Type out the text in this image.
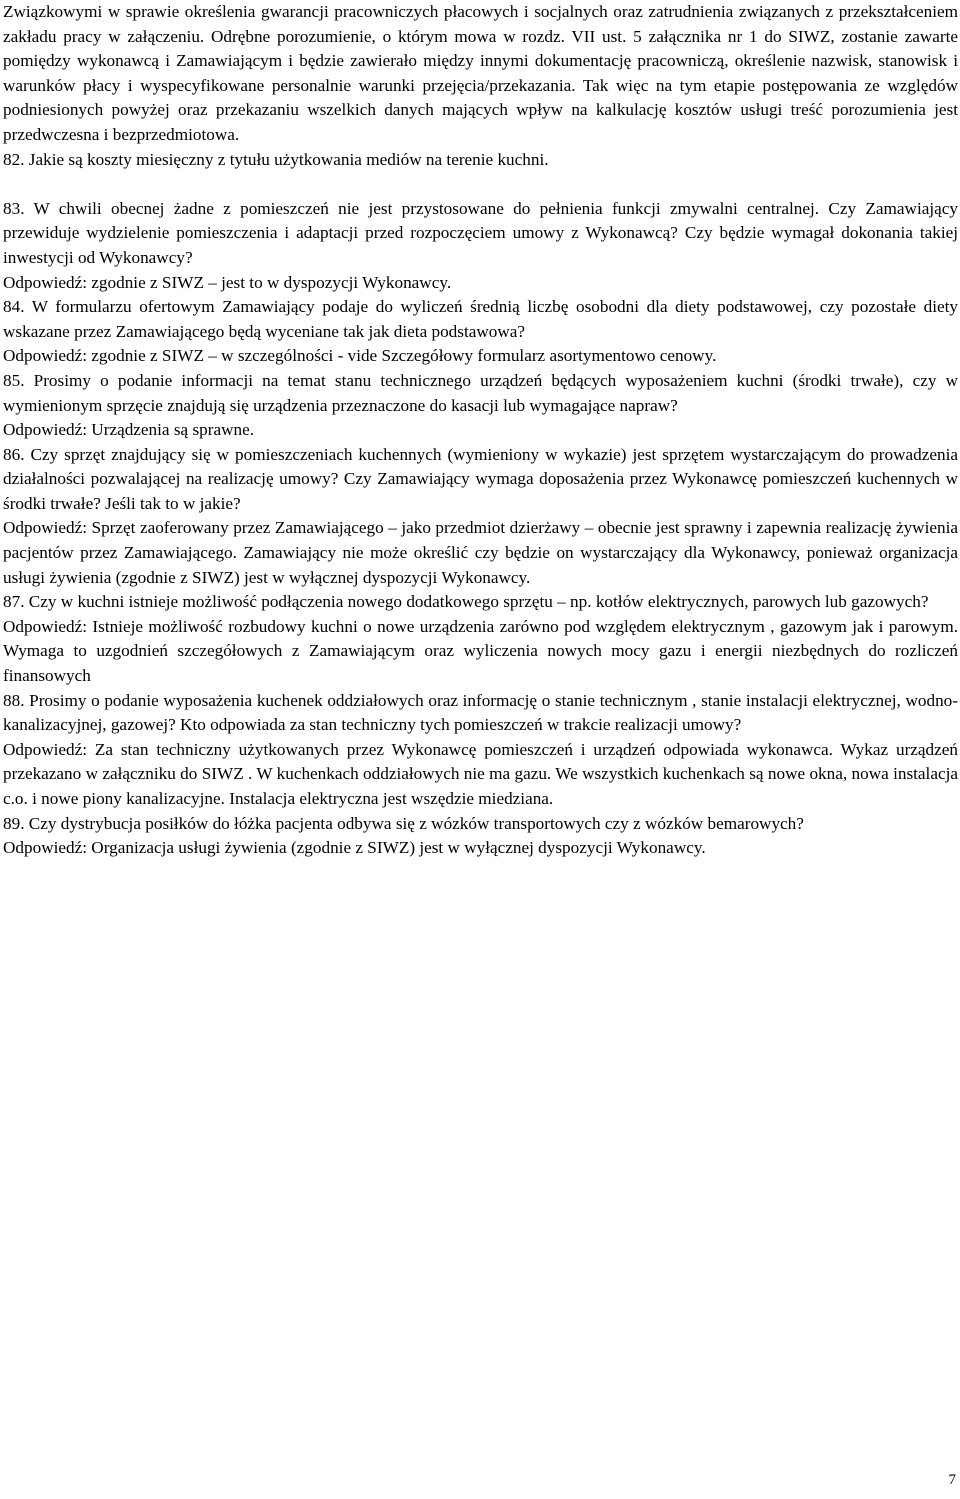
Związkowymi w sprawie określenia gwarancji pracowniczych płacowych i socjalnych oraz zatrudnienia związanych z przekształceniem zakładu pracy w załączeniu. Odrębne porozumienie, o którym mowa w rozdz. VII ust. 5 załącznika nr 1 do SIWZ, zostanie zawarte pomiędzy wykonawcą i Zamawiającym i będzie zawierało między innymi dokumentację pracowniczą, określenie nazwisk, stanowisk i warunków płacy i wyspecyfikowane personalnie warunki przejęcia/przekazania. Tak więc na tym etapie postępowania ze względów podniesionych powyżej oraz przekazaniu wszelkich danych mających wpływ na kalkulację kosztów usługi treść porozumienia jest przedwczesna i bezprzedmiotowa.

82. Jakie są koszty miesięczny z tytułu użytkowania mediów na terenie kuchni.

83. W chwili obecnej żadne z pomieszczeń nie jest przystosowane do pełnienia funkcji zmywalni centralnej. Czy Zamawiający przewiduje wydzielenie pomieszczenia i adaptacji przed rozpoczęciem umowy z Wykonawcą? Czy będzie wymagał dokonania takiej inwestycji od Wykonawcy?

Odpowiedź: zgodnie z SIWZ – jest to w dyspozycji Wykonawcy.

84. W formularzu ofertowym Zamawiający podaje do wyliczeń średnią liczbę osobodni dla diety podstawowej, czy pozostałe diety wskazane przez Zamawiającego będą wyceniane tak jak dieta podstawowa?

Odpowiedź: zgodnie z SIWZ – w szczególności - vide Szczegółowy formularz asortymentowo cenowy.

85. Prosimy o podanie informacji na temat stanu technicznego urządzeń będących wyposażeniem kuchni (środki trwałe), czy w wymienionym sprzęcie znajdują się urządzenia przeznaczone do kasacji lub wymagające napraw?

Odpowiedź: Urządzenia są sprawne.

86. Czy sprzęt znajdujący się w pomieszczeniach kuchennych (wymieniony w wykazie) jest sprzętem wystarczającym do prowadzenia działalności pozwalającej na realizację umowy? Czy Zamawiający wymaga doposażenia przez Wykonawcę pomieszczeń kuchennych w środki trwałe? Jeśli tak to w jakie?

Odpowiedź: Sprzęt zaoferowany przez Zamawiającego – jako przedmiot dzierżawy – obecnie jest sprawny i zapewnia realizację żywienia pacjentów przez Zamawiającego. Zamawiający nie może określić czy będzie on wystarczający dla Wykonawcy, ponieważ organizacja usługi żywienia (zgodnie z SIWZ) jest w wyłącznej dyspozycji Wykonawcy.

87. Czy w kuchni istnieje możliwość podłączenia nowego dodatkowego sprzętu – np. kotłów elektrycznych, parowych lub gazowych?

Odpowiedź: Istnieje możliwość rozbudowy kuchni o nowe urządzenia zarówno pod względem elektrycznym , gazowym jak i parowym. Wymaga to uzgodnień szczegółowych z Zamawiającym oraz wyliczenia nowych mocy gazu i energii niezbędnych do rozliczeń finansowych

88. Prosimy o podanie wyposażenia kuchenek oddziałowych oraz informację o stanie technicznym , stanie instalacji elektrycznej, wodno-kanalizacyjnej, gazowej? Kto odpowiada za stan techniczny tych pomieszczeń w trakcie realizacji umowy?

Odpowiedź: Za stan techniczny użytkowanych przez Wykonawcę pomieszczeń i urządzeń odpowiada wykonawca. Wykaz urządzeń przekazano w załączniku do SIWZ . W kuchenkach oddziałowych nie ma gazu. We wszystkich kuchenkach są nowe okna, nowa instalacja c.o. i nowe piony kanalizacyjne. Instalacja elektryczna jest wszędzie miedziana.

89. Czy dystrybucja posiłków do łóżka pacjenta odbywa się z wózków transportowych czy z wózków bemarowych?

Odpowiedź: Organizacja usługi żywienia (zgodnie z SIWZ) jest w wyłącznej dyspozycji Wykonawcy.

7
